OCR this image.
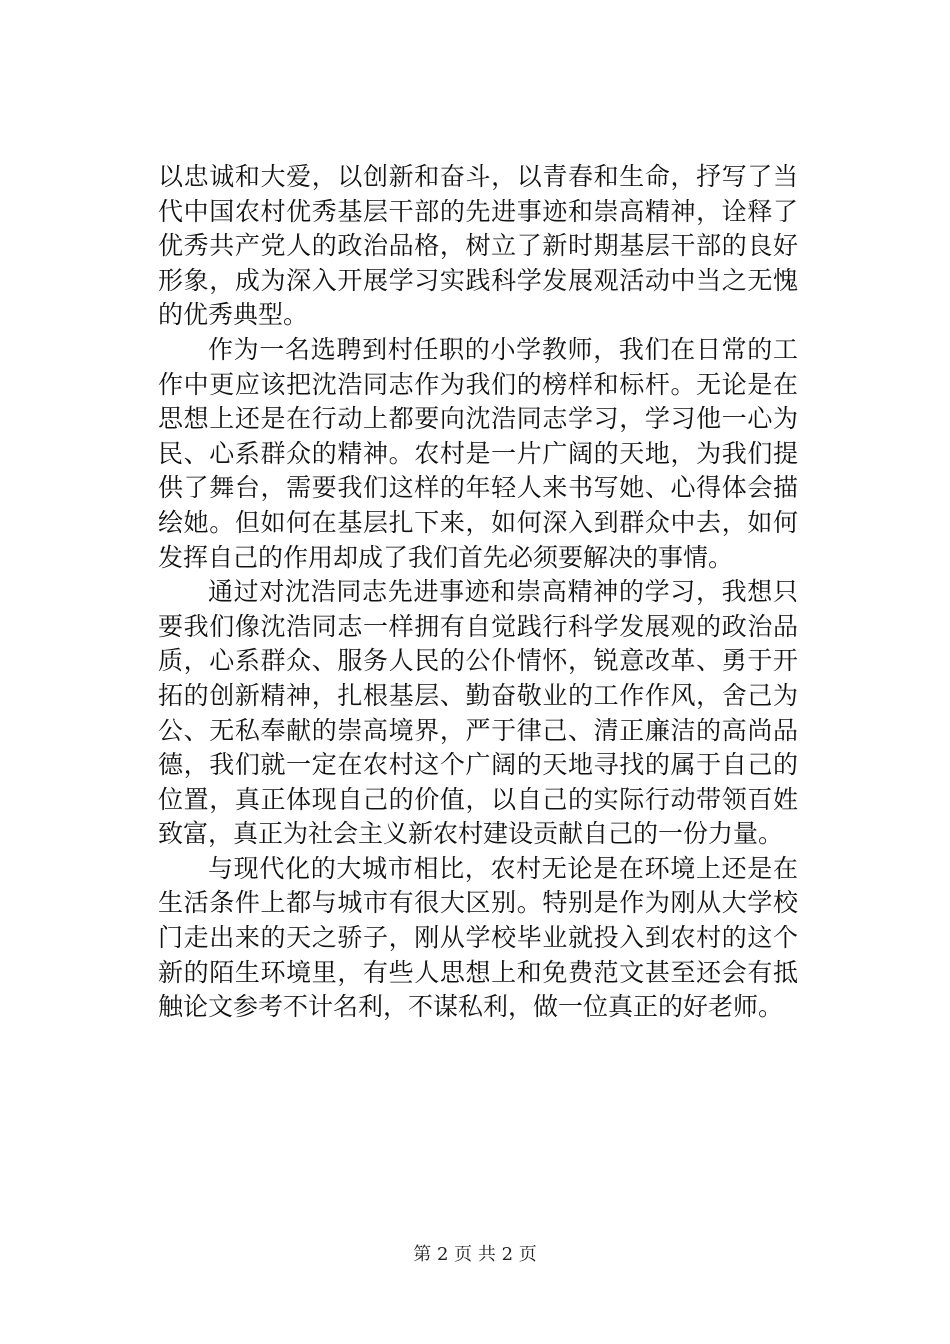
以忠诚和大爱，以创新和奋斗，以青春和生命，抒写了当代中国农村优秀基层干部的先进事迹和崇高精神，诠释了优秀共产党人的政治品格，树立了新时期基层干部的良好形象，成为深入开展学习实践科学发展观活动中当之无愧的优秀典型。

作为一名选聘到村任职的小学教师，我们在日常的工作中更应该把沈浩同志作为我们的榜样和标杆。无论是在思想上还是在行动上都要向沈浩同志学习，学习他一心为民、心系群众的精神。农村是一片广阔的天地，为我们提供了舞台，需要我们这样的年轻人来书写她、心得体会描绘她。但如何在基层扎下来，如何深入到群众中去，如何发挥自己的作用却成了我们首先必须要解决的事情。

通过对沈浩同志先进事迹和崇高精神的学习，我想只要我们像沈浩同志一样拥有自觉践行科学发展观的政治品质，心系群众、服务人民的公仆情怀，锐意改革、勇于开拓的创新精神，扎根基层、勤奋敬业的工作作风，舍己为公、无私奉献的崇高境界，严于律己、清正廉洁的高尚品德，我们就一定在农村这个广阔的天地寻找的属于自己的位置，真正体现自己的价值，以自己的实际行动带领百姓致富，真正为社会主义新农村建设贡献自己的一份力量。

与现代化的大城市相比，农村无论是在环境上还是在生活条件上都与城市有很大区别。特别是作为刚从大学校门走出来的天之骄子，刚从学校毕业就投入到农村的这个新的陌生环境里，有些人思想上和免费范文甚至还会有抵触论文参考不计名利，不谋私利，做一位真正的好老师。

第 2 页 共 2 页
